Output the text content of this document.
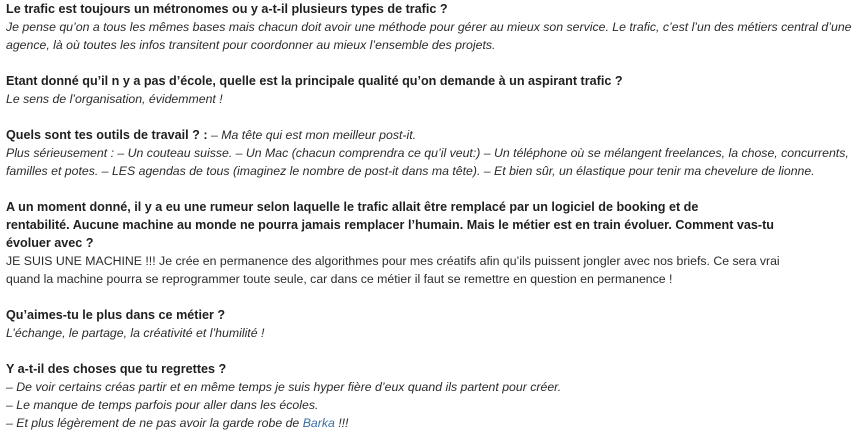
Le trafic est toujours un métronomes ou y a-t-il plusieurs types de trafic ?

Je pense qu’on a tous les mêmes bases mais chacun doit avoir une méthode pour gérer au mieux son service. Le trafic, c’est l’un des métiers central d’une
agence, là où toutes les infos transitent pour coordonner au mieux l’ensemble des projets.

Etant donné qu’il n y a pas d’école, quelle est la principale qualité qu’on demande à un aspirant trafic ?

Le sens de l’organisation, évidemment !

Quels sont tes outils de travail ? : – Ma tête qui est mon meilleur post-it.

Plus sérieusement : – Un couteau suisse. – Un Mac (chacun comprendra ce qu’il veut:) – Un téléphone où se mélangent freelances, la chose, concurrents,
familles et potes. – LES agendas de tous (imaginez le nombre de post-it dans ma tête). – Et bien sûr, un élastique pour tenir ma chevelure de lionne.

A un moment donné, il y a eu une rumeur selon laquelle le trafic allait être remplacé par un logiciel de booking et de
rentabilité. Aucune machine au monde ne pourra jamais remplacer l’humain. Mais le métier est en train évoluer. Comment vas-tu
évoluer avec ?

JE SUIS UNE MACHINE !!! Je crée en permanence des algorithmes pour mes créatifs afin qu’ils puissent jongler avec nos briefs. Ce sera vrai
quand la machine pourra se reprogrammer toute seule, car dans ce métier il faut se remettre en question en permanence !

Qu’aimes-tu le plus dans ce métier ?

L’échange, le partage, la créativité et l’humilité !

Y a-t-il des choses que tu regrettes ?

– De voir certains créas partir et en même temps je suis hyper fière d’eux quand ils partent pour créer.
– Le manque de temps parfois pour aller dans les écoles.
– Et plus légèrement de ne pas avoir la garde robe de Barka !!!
